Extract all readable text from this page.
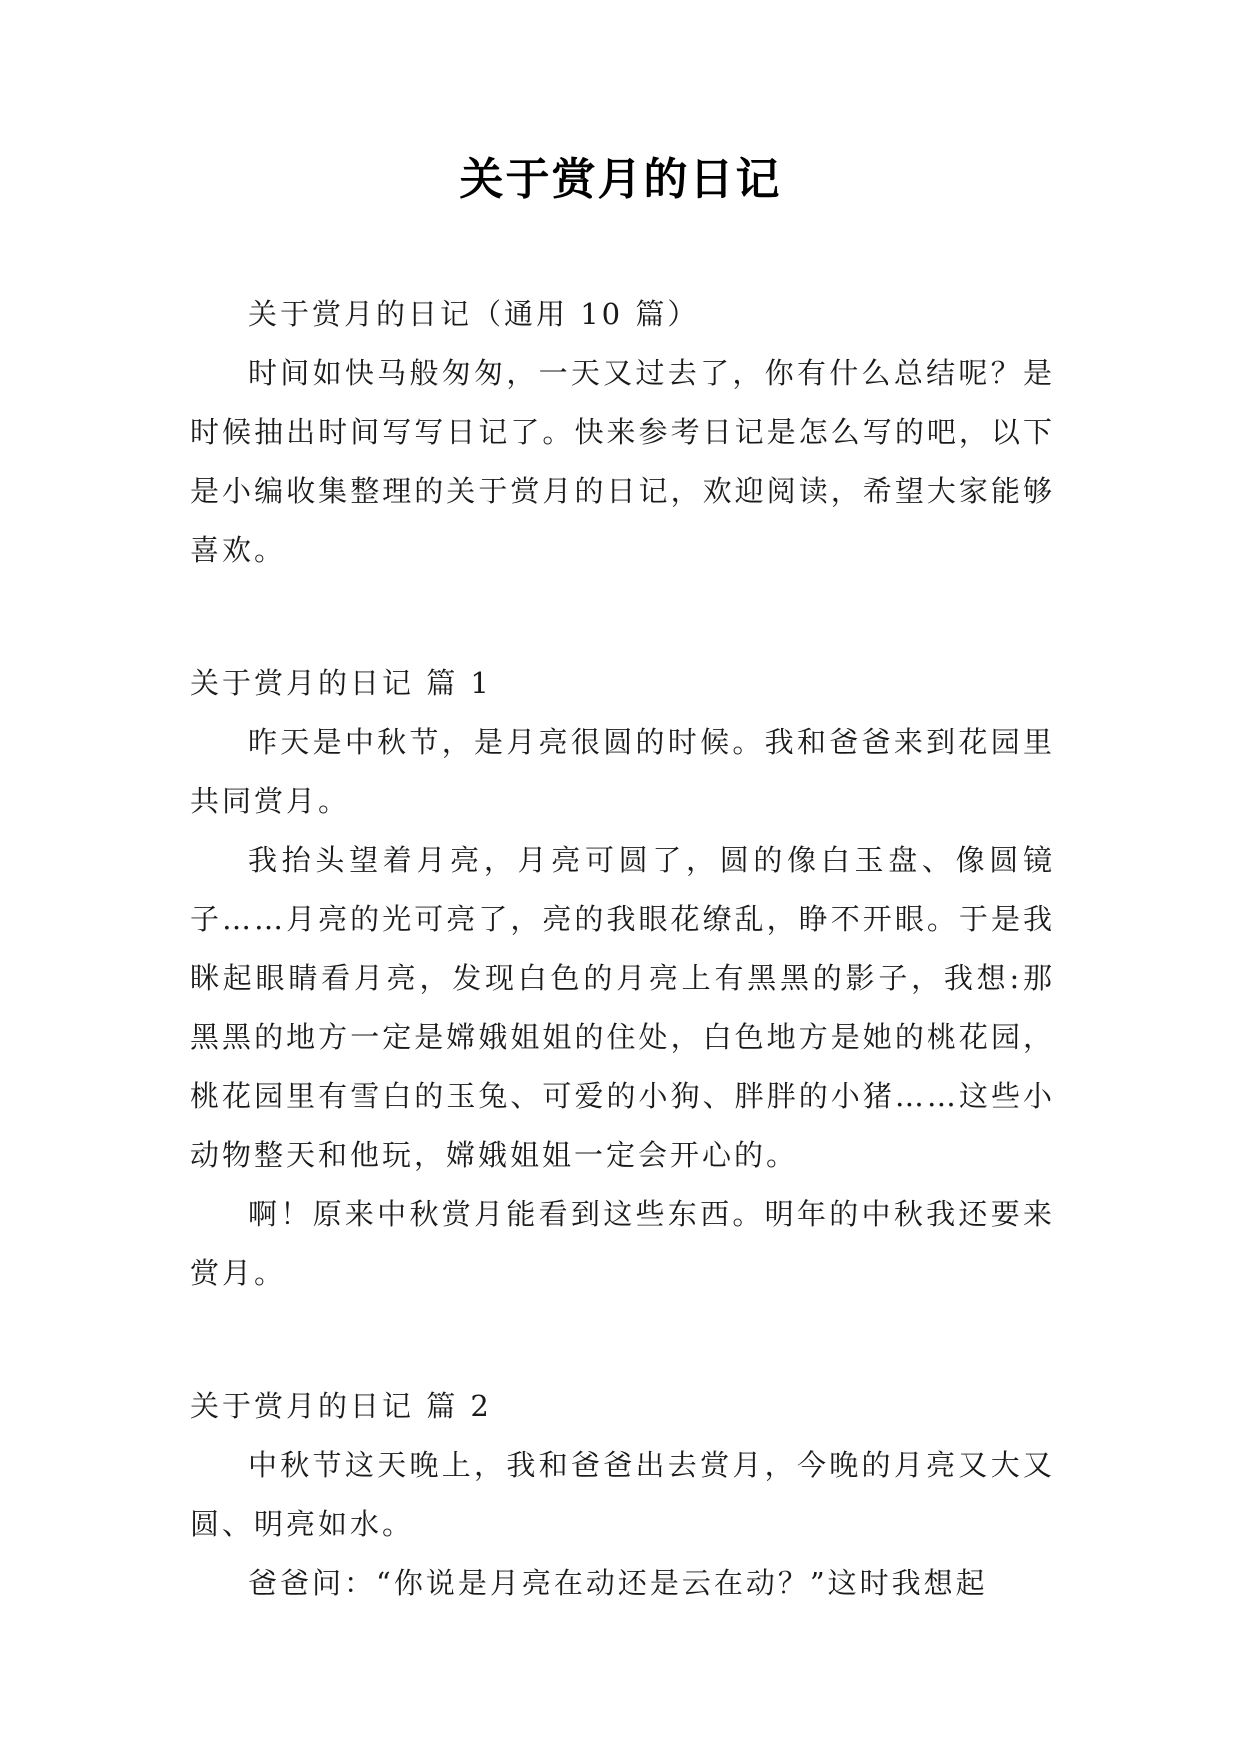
关于赏月的日记

关于赏月的日记（通用 10 篇）

时间如快马般匆匆，一天又过去了，你有什么总结呢？是时候抽出时间写写日记了。快来参考日记是怎么写的吧，以下是小编收集整理的关于赏月的日记，欢迎阅读，希望大家能够喜欢。

关于赏月的日记 篇 1

昨天是中秋节，是月亮很圆的时候。我和爸爸来到花园里共同赏月。

我抬头望着月亮，月亮可圆了，圆的像白玉盘、像圆镜子……月亮的光可亮了，亮的我眼花缭乱，睁不开眼。于是我眯起眼睛看月亮，发现白色的月亮上有黑黑的影子，我想:那黑黑的地方一定是嫦娥姐姐的住处，白色地方是她的桃花园，桃花园里有雪白的玉兔、可爱的小狗、胖胖的小猪……这些小动物整天和他玩，嫦娥姐姐一定会开心的。

啊！原来中秋赏月能看到这些东西。明年的中秋我还要来赏月。

关于赏月的日记 篇 2

中秋节这天晚上，我和爸爸出去赏月，今晚的月亮又大又圆、明亮如水。

爸爸问：“你说是月亮在动还是云在动？”这时我想起
